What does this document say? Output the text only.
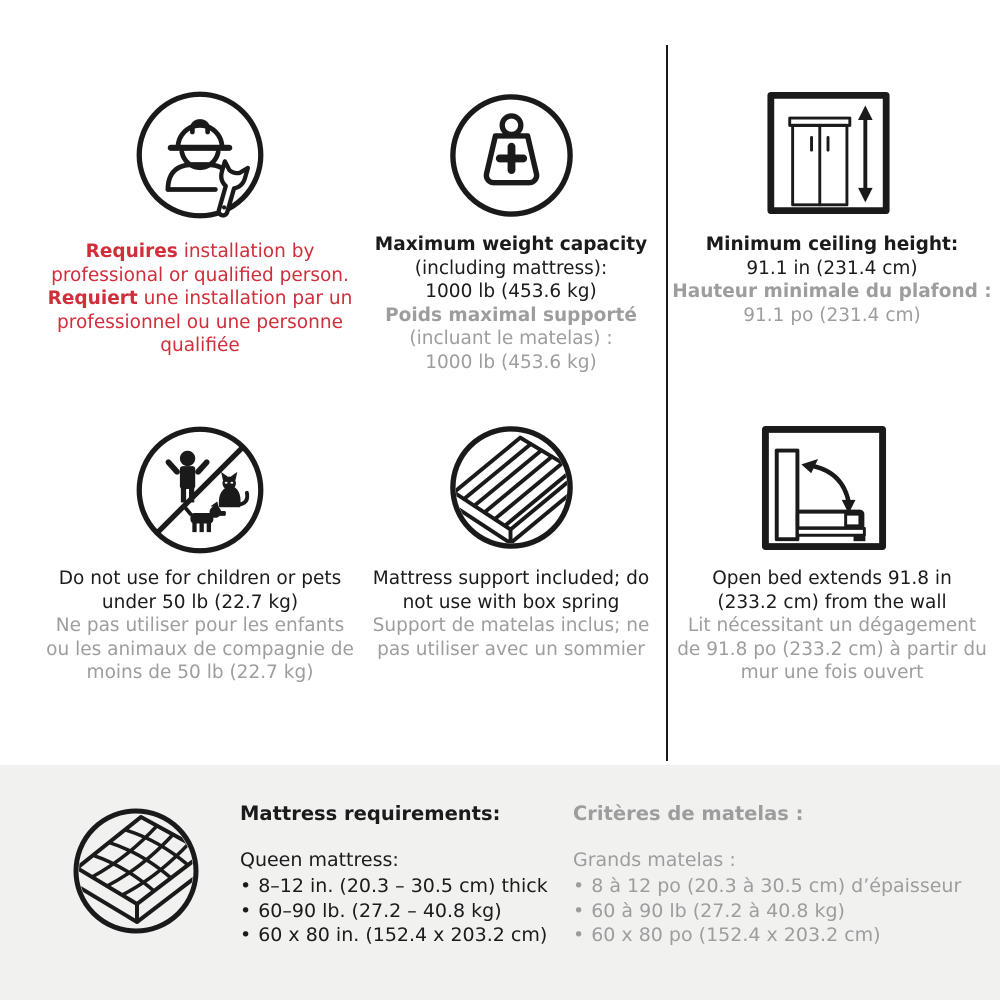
Requires installation by
professional or qualified person.
Requiert une installation par un
professionnel ou une personne
qualifiée
Maximum weight capacity
(including mattress):
1000 lb (453.6 kg)
Poids maximal supporté
(incluant le matelas) :
1000 lb (453.6 kg)
Minimum ceiling height:
91.1 in (231.4 cm)
Hauteur minimale du plafond :
91.1 po (231.4 cm)
Do not use for children or pets
under 50 lb (22.7 kg)
Ne pas utiliser pour les enfants
ou les animaux de compagnie de
moins de 50 lb (22.7 kg)
Mattress support included; do
not use with box spring
Support de matelas inclus; ne
pas utiliser avec un sommier
Open bed extends 91.8 in
(233.2 cm) from the wall
Lit nécessitant un dégagement
de 91.8 po (233.2 cm) à partir du
mur une fois ouvert
Mattress requirements:
Queen mattress:
• 8–12 in. (20.3 – 30.5 cm) thick
• 60–90 lb. (27.2 – 40.8 kg)
• 60 x 80 in. (152.4 x 203.2 cm)
Critères de matelas :
Grands matelas :
• 8 à 12 po (20.3 à 30.5 cm) d’épaisseur
• 60 à 90 lb (27.2 à 40.8 kg)
• 60 x 80 po (152.4 x 203.2 cm)
